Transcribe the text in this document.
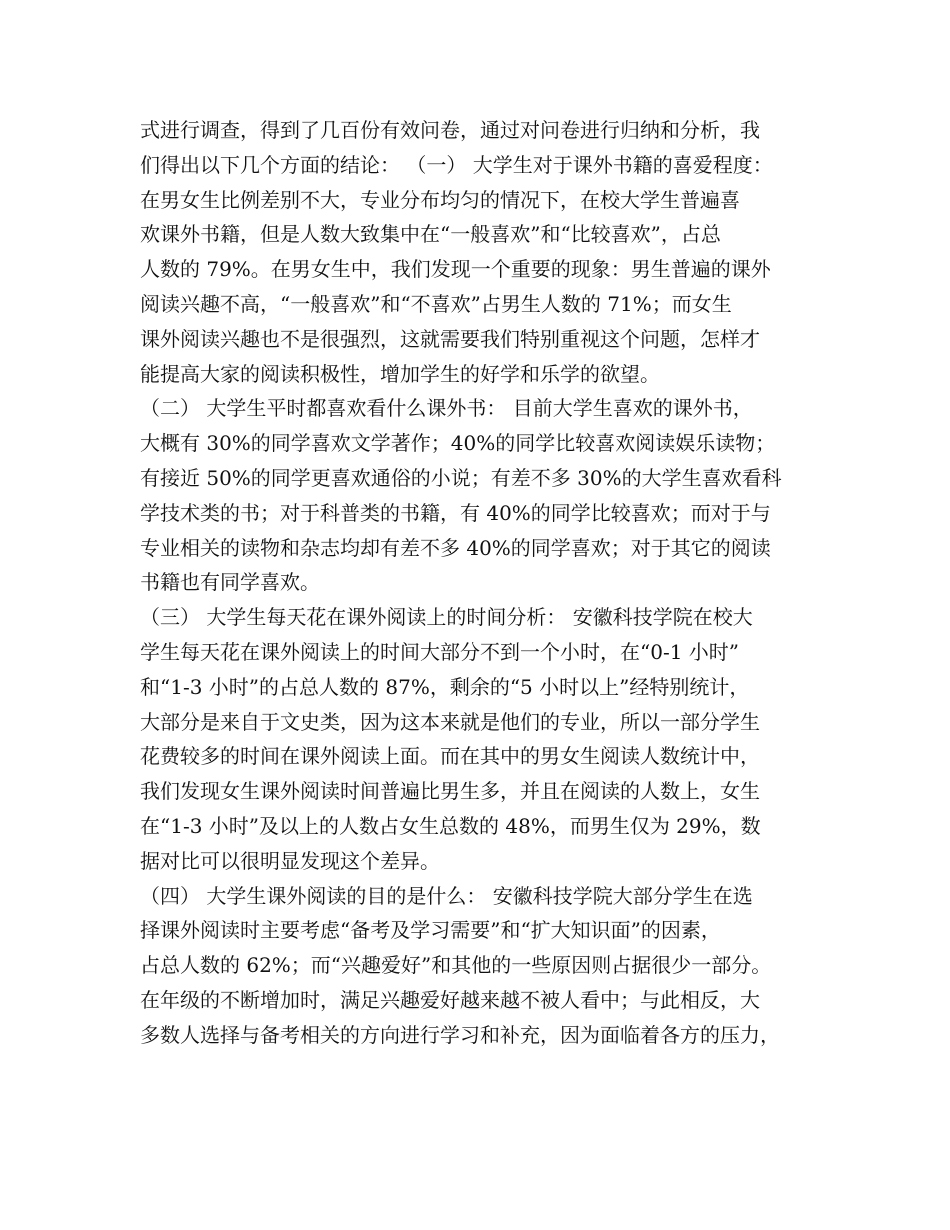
式进行调查，得到了几百份有效问卷，通过对问卷进行归纳和分析，我
们得出以下几个方面的结论： （一） 大学生对于课外书籍的喜爱程度：
在男女生比例差别不大，专业分布均匀的情况下，在校大学生普遍喜
欢课外书籍，但是人数大致集中在“一般喜欢”和“比较喜欢”，占总
人数的 79%。在男女生中，我们发现一个重要的现象：男生普遍的课外
阅读兴趣不高，“一般喜欢”和“不喜欢”占男生人数的 71%；而女生
课外阅读兴趣也不是很强烈，这就需要我们特别重视这个问题，怎样才
能提高大家的阅读积极性，增加学生的好学和乐学的欲望。
（二） 大学生平时都喜欢看什么课外书： 目前大学生喜欢的课外书，
大概有 30%的同学喜欢文学著作；40%的同学比较喜欢阅读娱乐读物；
有接近 50%的同学更喜欢通俗的小说；有差不多 30%的大学生喜欢看科
学技术类的书；对于科普类的书籍，有 40%的同学比较喜欢；而对于与
专业相关的读物和杂志均却有差不多 40%的同学喜欢；对于其它的阅读
书籍也有同学喜欢。
（三） 大学生每天花在课外阅读上的时间分析： 安徽科技学院在校大
学生每天花在课外阅读上的时间大部分不到一个小时，在“0-1 小时”
和“1-3 小时”的占总人数的 87%，剩余的“5 小时以上”经特别统计，
大部分是来自于文史类，因为这本来就是他们的专业，所以一部分学生
花费较多的时间在课外阅读上面。而在其中的男女生阅读人数统计中，
我们发现女生课外阅读时间普遍比男生多，并且在阅读的人数上，女生
在“1-3 小时”及以上的人数占女生总数的 48%，而男生仅为 29%，数
据对比可以很明显发现这个差异。
（四） 大学生课外阅读的目的是什么： 安徽科技学院大部分学生在选
择课外阅读时主要考虑“备考及学习需要”和“扩大知识面”的因素，
占总人数的 62%；而“兴趣爱好”和其他的一些原因则占据很少一部分。
在年级的不断增加时，满足兴趣爱好越来越不被人看中；与此相反，大
多数人选择与备考相关的方向进行学习和补充，因为面临着各方的压力，
